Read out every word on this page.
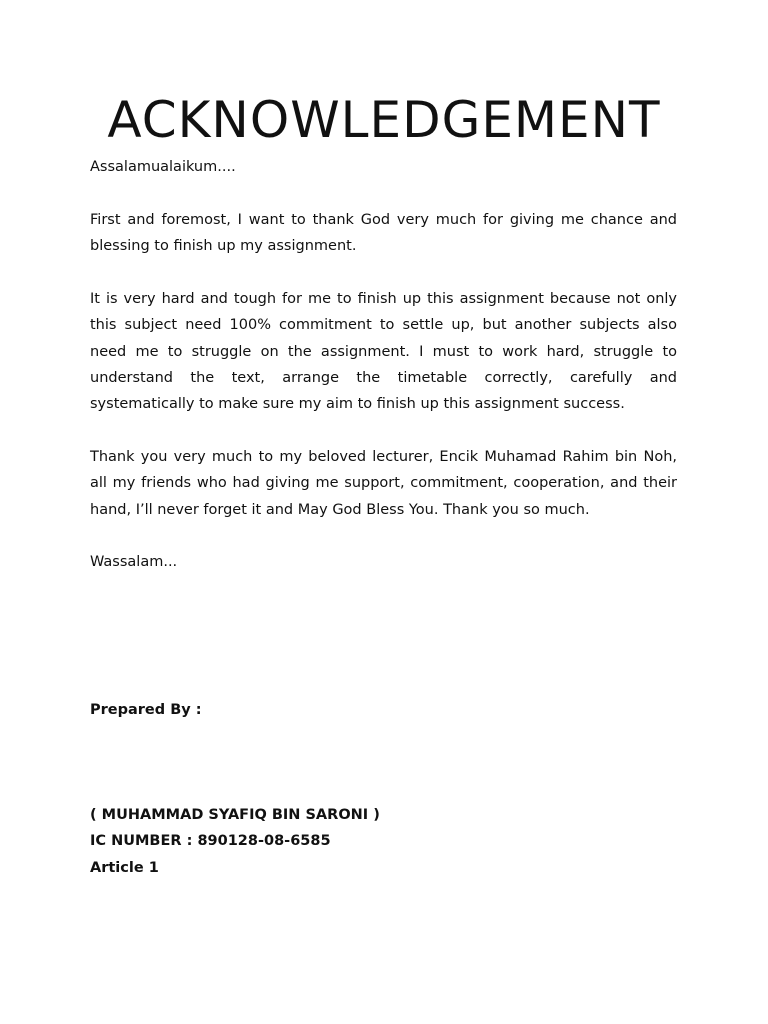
ACKNOWLEDGEMENT

Assalamualaikum....

First and foremost, I want to thank God very much for giving me chance and blessing to finish up my assignment.

It is very hard and tough for me to finish up this assignment because not only this subject need 100% commitment to settle up, but another subjects also need me to struggle on the assignment. I must to work hard, struggle to understand the text, arrange the timetable correctly, carefully and systematically to make sure my aim to finish up this assignment success.

Thank you very much to my beloved lecturer, Encik Muhamad Rahim bin Noh, all my friends who had giving me support, commitment, cooperation, and their hand, I’ll never forget it and May God Bless You. Thank you so much.

Wassalam...

Prepared By :

( MUHAMMAD SYAFIQ BIN SARONI )

IC NUMBER : 890128-08-6585

Article 1
